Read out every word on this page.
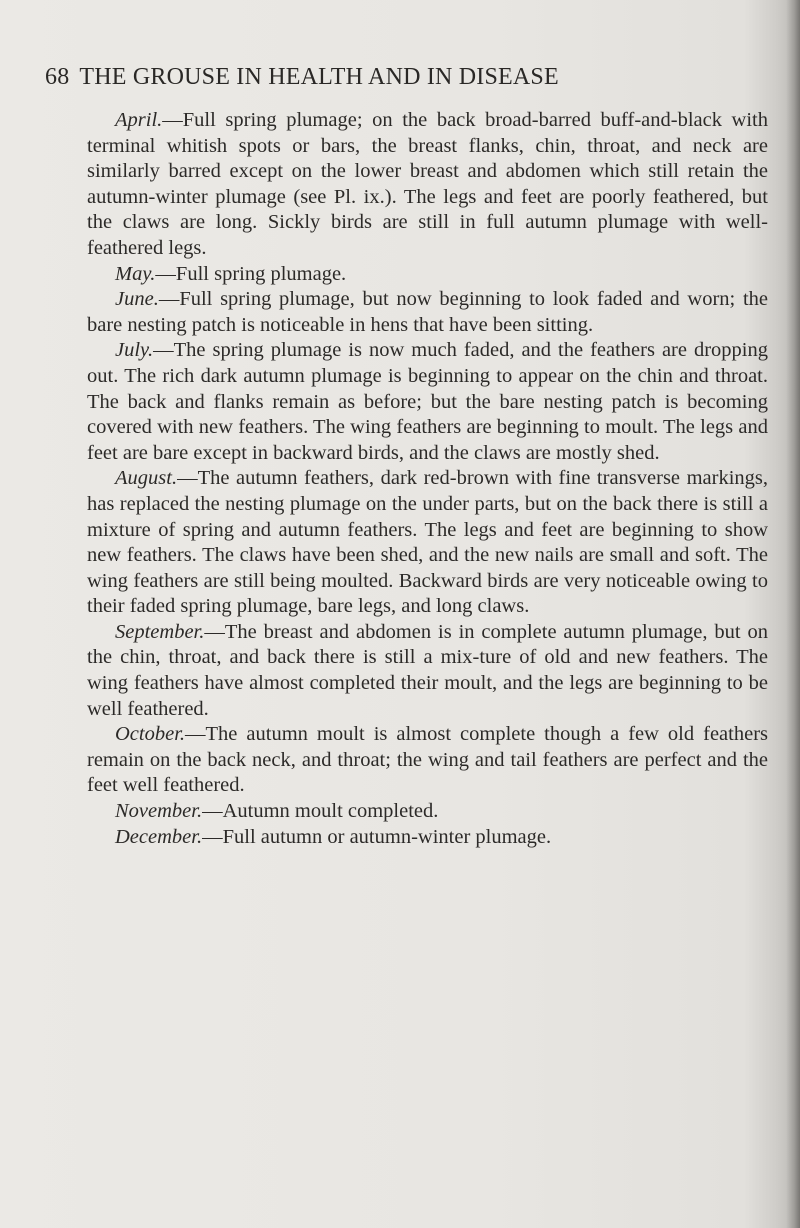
68 THE GROUSE IN HEALTH AND IN DISEASE

April.—Full spring plumage; on the back broad-barred buff-and-black with terminal whitish spots or bars, the breast flanks, chin, throat, and neck are similarly barred except on the lower breast and abdomen which still retain the autumn-winter plumage (see Pl. ix.). The legs and feet are poorly feathered, but the claws are long. Sickly birds are still in full autumn plumage with well-feathered legs.

May.—Full spring plumage.

June.—Full spring plumage, but now beginning to look faded and worn; the bare nesting patch is noticeable in hens that have been sitting.

July.—The spring plumage is now much faded, and the feathers are dropping out. The rich dark autumn plumage is beginning to appear on the chin and throat. The back and flanks remain as before; but the bare nesting patch is becoming covered with new feathers. The wing feathers are beginning to moult. The legs and feet are bare except in backward birds, and the claws are mostly shed.

August.—The autumn feathers, dark red-brown with fine transverse markings, has replaced the nesting plumage on the under parts, but on the back there is still a mixture of spring and autumn feathers. The legs and feet are beginning to show new feathers. The claws have been shed, and the new nails are small and soft. The wing feathers are still being moulted. Backward birds are very noticeable owing to their faded spring plumage, bare legs, and long claws.

September.—The breast and abdomen is in complete autumn plumage, but on the chin, throat, and back there is still a mix-ture of old and new feathers. The wing feathers have almost completed their moult, and the legs are beginning to be well feathered.

October.—The autumn moult is almost complete though a few old feathers remain on the back neck, and throat; the wing and tail feathers are perfect and the feet well feathered.

November.—Autumn moult completed.

December.—Full autumn or autumn-winter plumage.
